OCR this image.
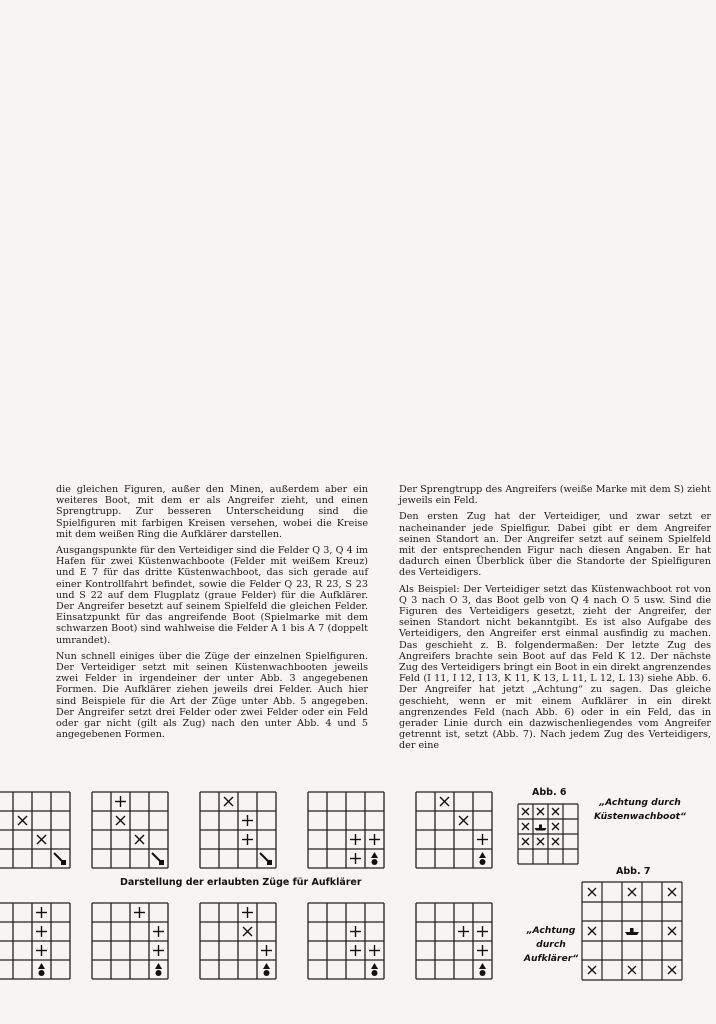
die gleichen Figuren, außer den Minen, außerdem aber ein weiteres Boot, mit dem er als Angreifer zieht, und einen Sprengtrupp. Zur besseren Unterscheidung sind die Spielfiguren mit farbigen Kreisen versehen, wobei die Kreise mit dem weißen Ring die Aufklärer darstellen.

Ausgangspunkte für den Verteidiger sind die Felder Q 3, Q 4 im Hafen für zwei Küstenwachboote (Felder mit weißem Kreuz) und E 7 für das dritte Küstenwachboot, das sich gerade auf einer Kontrollfahrt befindet, sowie die Felder Q 23, R 23, S 23 und S 22 auf dem Flugplatz (graue Felder) für die Aufklärer. Der Angreifer besetzt auf seinem Spielfeld die gleichen Felder. Einsatzpunkt für das angreifende Boot (Spielmarke mit dem schwarzen Boot) sind wahlweise die Felder A 1 bis A 7 (doppelt umrandet).

Nun schnell einiges über die Züge der einzelnen Spielfiguren. Der Verteidiger setzt mit seinen Küstenwachbooten jeweils zwei Felder in irgendeiner der unter Abb. 3 angegebenen Formen. Die Aufklärer ziehen jeweils drei Felder. Auch hier sind Beispiele für die Art der Züge unter Abb. 5 angegeben. Der Angreifer setzt drei Felder oder zwei Felder oder ein Feld oder gar nicht (gilt als Zug) nach den unter Abb. 4 und 5 angegebenen Formen.

Der Sprengtrupp des Angreifers (weiße Marke mit dem S) zieht jeweils ein Feld.

Den ersten Zug hat der Verteidiger, und zwar setzt er nacheinander jede Spielfigur. Dabei gibt er dem Angreifer seinen Standort an. Der Angreifer setzt auf seinem Spielfeld mit der entsprechenden Figur nach diesen Angaben. Er hat dadurch einen Überblick über die Standorte der Spielfiguren des Verteidigers.

Als Beispiel: Der Verteidiger setzt das Küstenwachboot rot von Q 3 nach O 3, das Boot gelb von Q 4 nach O 5 usw. Sind die Figuren des Verteidigers gesetzt, zieht der Angreifer, der seinen Standort nicht bekanntgibt. Es ist also Aufgabe des Verteidigers, den Angreifer erst einmal ausfindig zu machen. Das geschieht z. B. folgendermaßen: Der letzte Zug des Angreifers brachte sein Boot auf das Feld K 12. Der nächste Zug des Verteidigers bringt ein Boot in ein direkt angrenzendes Feld (I 11, I 12, I 13, K 11, K 13, L 11, L 12, L 13) siehe Abb. 6. Der Angreifer hat jetzt „Achtung“ zu sagen. Das gleiche geschieht, wenn er mit einem Aufklärer in ein direkt angrenzendes Feld (nach Abb. 6) oder in ein Feld, das in gerader Linie durch ein dazwischenliegendes vom Angreifer getrennt ist, setzt (Abb. 7). Nach jedem Zug des Verteidigers, der eine

Abb. 6
„Achtung durch Küstenwachboot“
Darstellung der erlaubten Züge für Aufklärer
Abb. 7
„Achtung durch Aufklärer“
